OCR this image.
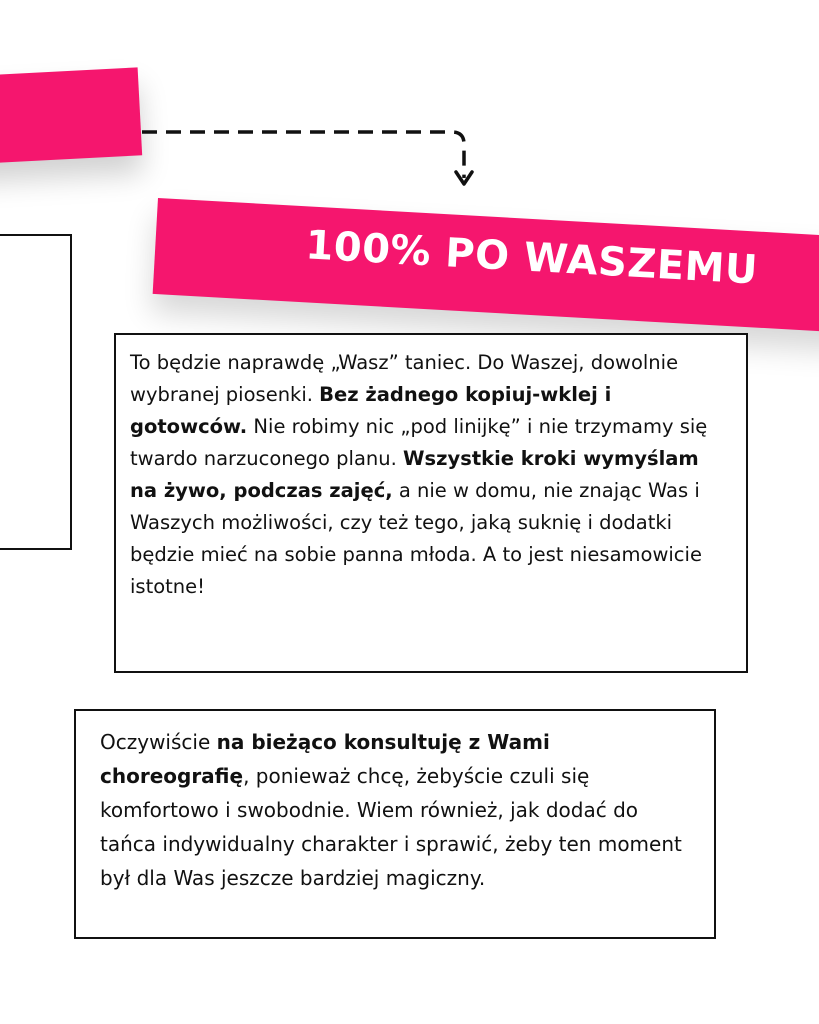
100% PO WASZEMU
To będzie naprawdę „Wasz” taniec. Do Waszej, dowolnie wybranej piosenki. Bez żadnego kopiuj-wklej i gotowców. Nie robimy nic „pod linijkę” i nie trzymamy się twardo narzuconego planu. Wszystkie kroki wymyślam na żywo, podczas zajęć, a nie w domu, nie znając Was i Waszych możliwości, czy też tego, jaką suknię i dodatki będzie mieć na sobie panna młoda. A to jest niesamowicie istotne!
Oczywiście na bieżąco konsultuję z Wami choreografię, ponieważ chcę, żebyście czuli się komfortowo i swobodnie. Wiem również, jak dodać do tańca indywidualny charakter i sprawić, żeby ten moment był dla Was jeszcze bardziej magiczny.
